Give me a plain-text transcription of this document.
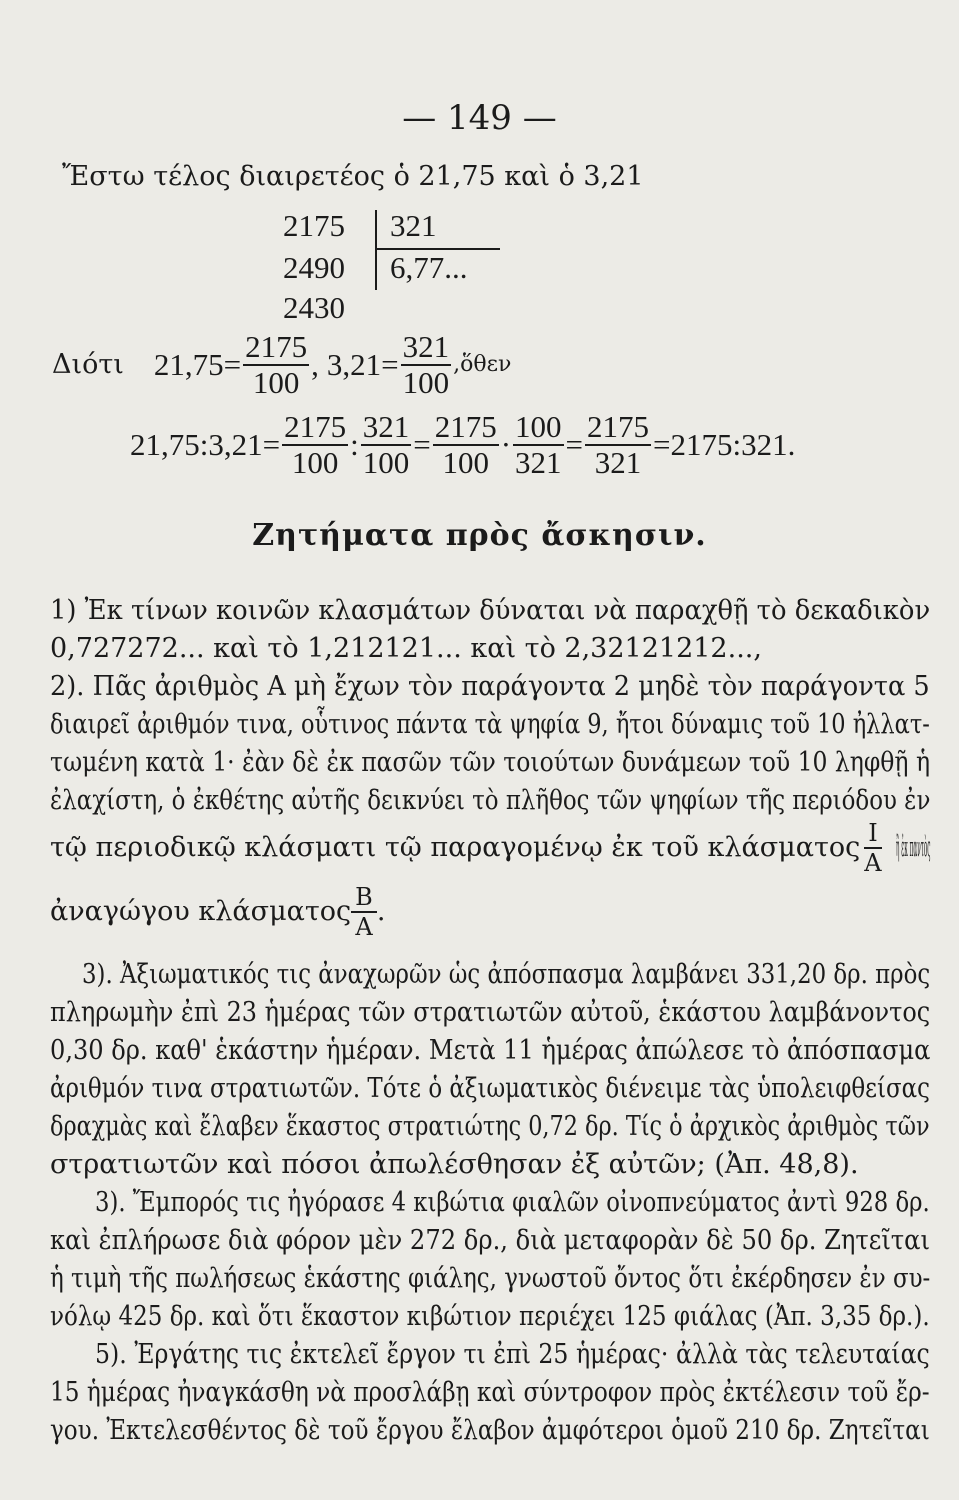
— 149 —
Ἔστω τέλος διαιρετέος ὁ 21,75 καὶ ὁ 3,21
2175 321
2490 6,77...
2430
Διότι $21,75= \frac{2175}{100}$ , $3,21= \frac{321}{100}$ ,ὅθεν
21,75:3,21= $\frac{2175}{100}$ : $\frac{321}{100} = \frac{2175}{100} \cdot \frac{100}{321} = \frac{2175}{321}$ =2175:321.
Ζητήματα πρὸς ἄσκησιν.
1) Ἐκ τίνων κοινῶν κλασμάτων δύναται νὰ παραχθῇ τὸ δεκαδικὸν
0,727272... καὶ τὸ 1,212121... καὶ τὸ 2,32121212...,
2). Πᾶς ἀριθμὸς Α μὴ ἔχων τὸν παράγοντα 2 μηδὲ τὸν παράγοντα 5
διαιρεῖ ἀριθμόν τινα, οὗτινος πάντα τὰ ψηφία 9, ἤτοι δύναμις τοῦ 10 ἠλλατ-
τωμένη κατὰ 1· ἐὰν δὲ ἐκ πασῶν τῶν τοιούτων δυνάμεων τοῦ 10 ληφθῇ ἡ
ἐλαχίστη, ὁ ἐκθέτης αὐτῆς δεικνύει τὸ πλῆθος τῶν ψηφίων τῆς περιόδου ἐν
τῷ περιοδικῷ κλάσματι τῷ παραγομένῳ ἐκ τοῦ κλάσματος $\frac{I}{A}$ ἢ ἐκ παντὸς
ἀναγώγου κλάσματος $\frac{B}{A}$ .
3). Ἀξιωματικός τις ἀναχωρῶν ὡς ἀπόσπασμα λαμβάνει 331,20 δρ. πρὸς
πληρωμὴν ἐπὶ 23 ἡμέρας τῶν στρατιωτῶν αὐτοῦ, ἑκάστου λαμβάνοντος
0,30 δρ. καθ' ἑκάστην ἡμέραν. Μετὰ 11 ἡμέρας ἀπώλεσε τὸ ἀπόσπασμα
ἀριθμόν τινα στρατιωτῶν. Τότε ὁ ἀξιωματικὸς διένειμε τὰς ὑπολειφθείσας
δραχμὰς καὶ ἔλαβεν ἕκαστος στρατιώτης 0,72 δρ. Τίς ὁ ἀρχικὸς ἀριθμὸς τῶν
στρατιωτῶν καὶ πόσοι ἀπωλέσθησαν ἐξ αὐτῶν; (Ἀπ. 48,8).
3). Ἔμπορός τις ἠγόρασε 4 κιβώτια φιαλῶν οἰνοπνεύματος ἀντὶ 928 δρ.
καὶ ἐπλήρωσε διὰ φόρον μὲν 272 δρ., διὰ μεταφορὰν δὲ 50 δρ. Ζητεῖται
ἡ τιμὴ τῆς πωλήσεως ἑκάστης φιάλης, γνωστοῦ ὄντος ὅτι ἐκέρδησεν ἐν συ-
νόλῳ 425 δρ. καὶ ὅτι ἕκαστον κιβώτιον περιέχει 125 φιάλας (Ἀπ. 3,35 δρ.).
5). Ἐργάτης τις ἐκτελεῖ ἔργον τι ἐπὶ 25 ἡμέρας· ἀλλὰ τὰς τελευταίας
15 ἡμέρας ἠναγκάσθη νὰ προσλάβῃ καὶ σύντροφον πρὸς ἐκτέλεσιν τοῦ ἔρ-
γου. Ἐκτελεσθέντος δὲ τοῦ ἔργου ἔλαβον ἀμφότεροι ὁμοῦ 210 δρ. Ζητεῖται
